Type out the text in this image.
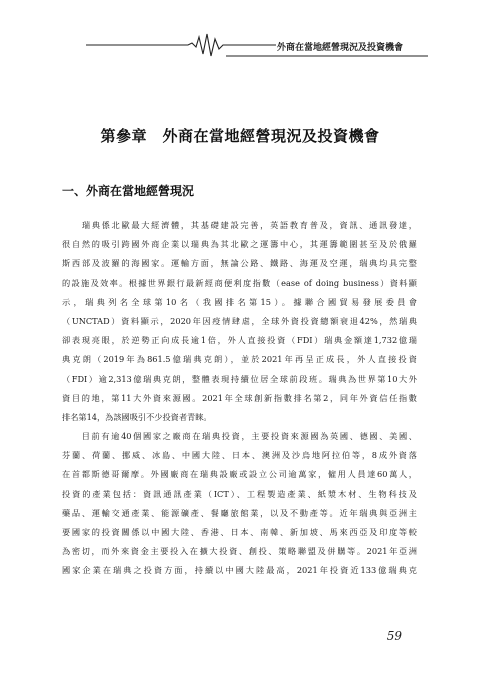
外商在當地經營現況及投資機會
第參章　外商在當地經營現況及投資機會
一、外商在當地經營現況
　　瑞典係北歐最大經濟體，其基礎建設完善，英語教育普及，資訊、通訊發達，
很自然的吸引跨國外商企業以瑞典為其北歐之運籌中心，其運籌範圍甚至及於俄羅
斯西部及波羅的海國家。運輸方面，無論公路、鐵路、海運及空運，瑞典均具完整
的設施及效率。根據世界銀行最新經商便利度指數（ease of doing business）資料顯
示，瑞典列名全球第10名（我國排名第15）。據聯合國貿易發展委員會
（UNCTAD）資料顯示，2020年因疫情肆虐，全球外資投資總額衰退42%，然瑞典
卻表現亮眼，於逆勢正向成長逾1倍，外人直接投資（FDI）瑞典金額達1,732億瑞
典克朗（2019年為861.5億瑞典克朗），並於2021年再呈正成長，外人直接投資
（FDI）逾2,313億瑞典克朗，整體表現持續位居全球前段班。瑞典為世界第10大外
資目的地，第11大外資來源國。2021年全球創新指數排名第2，同年外資信任指數
排名第14，為該國吸引不少投資者青睞。
　　目前有逾40個國家之廠商在瑞典投資，主要投資來源國為英國、德國、美國、
芬蘭、荷蘭、挪威、冰島、中國大陸、日本、澳洲及沙烏地阿拉伯等，8成外資落
在首都斯德哥爾摩。外國廠商在瑞典設廠或設立公司逾萬家，僱用人員達60萬人，
投資的產業包括：資訊通訊產業（ICT）、工程製造產業、紙漿木材、生物科技及
藥品、運輸交通產業、能源礦產、餐廳旅館業，以及不動產等。近年瑞典與亞洲主
要國家的投資關係以中國大陸、香港、日本、南韓、新加坡、馬來西亞及印度等較
為密切，而外來資金主要投入在擴大投資、創投、策略聯盟及併購等。2021年亞洲
國家企業在瑞典之投資方面，持續以中國大陸最高，2021年投資近133億瑞典克
59
